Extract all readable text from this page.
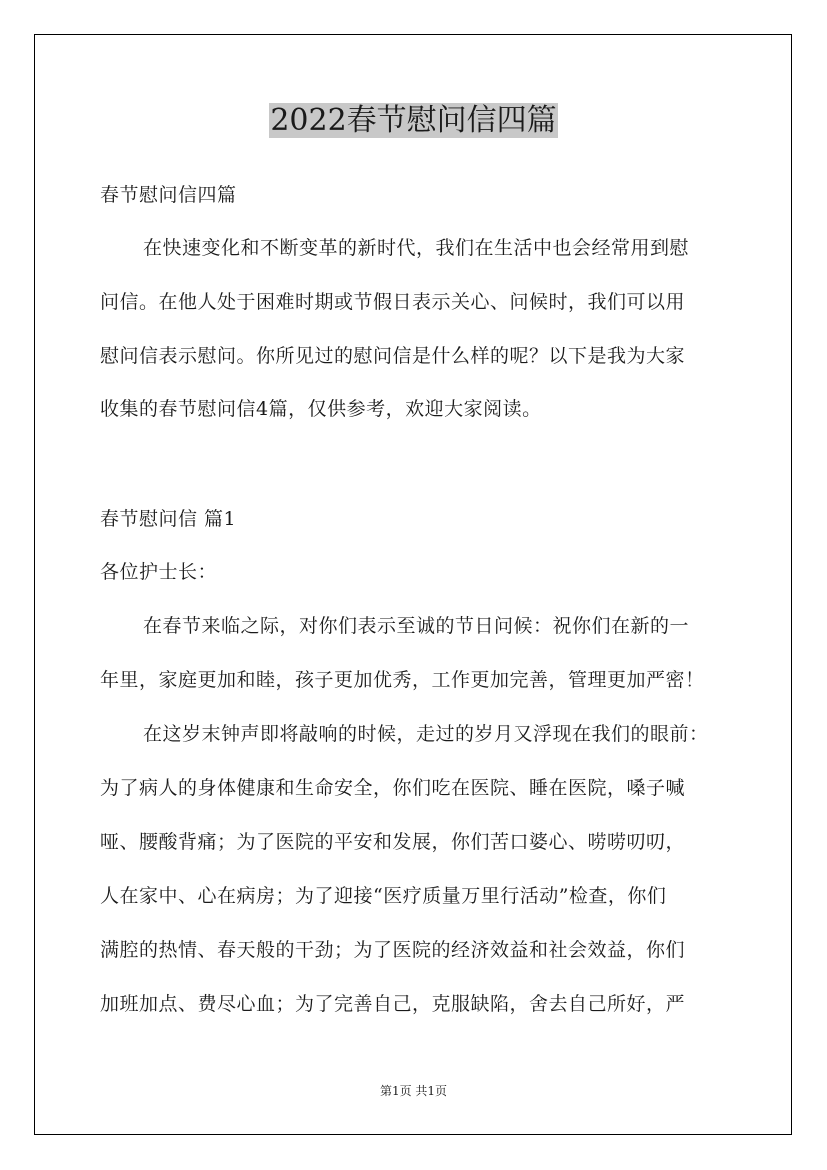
2022春节慰问信四篇

春节慰问信四篇

在快速变化和不断变革的新时代，我们在生活中也会经常用到慰

问信。在他人处于困难时期或节假日表示关心、问候时，我们可以用

慰问信表示慰问。你所见过的慰问信是什么样的呢？以下是我为大家

收集的春节慰问信4篇，仅供参考，欢迎大家阅读。

春节慰问信 篇1

各位护士长：

在春节来临之际，对你们表示至诚的节日问候：祝你们在新的一

年里，家庭更加和睦，孩子更加优秀，工作更加完善，管理更加严密！

在这岁末钟声即将敲响的时候，走过的岁月又浮现在我们的眼前：

为了病人的身体健康和生命安全，你们吃在医院、睡在医院，嗓子喊

哑、腰酸背痛；为了医院的平安和发展，你们苦口婆心、唠唠叨叨，

人在家中、心在病房；为了迎接“医疗质量万里行活动”检查，你们

满腔的热情、春天般的干劲；为了医院的经济效益和社会效益，你们

加班加点、费尽心血；为了完善自己，克服缺陷，舍去自己所好，严

第1页 共1页
